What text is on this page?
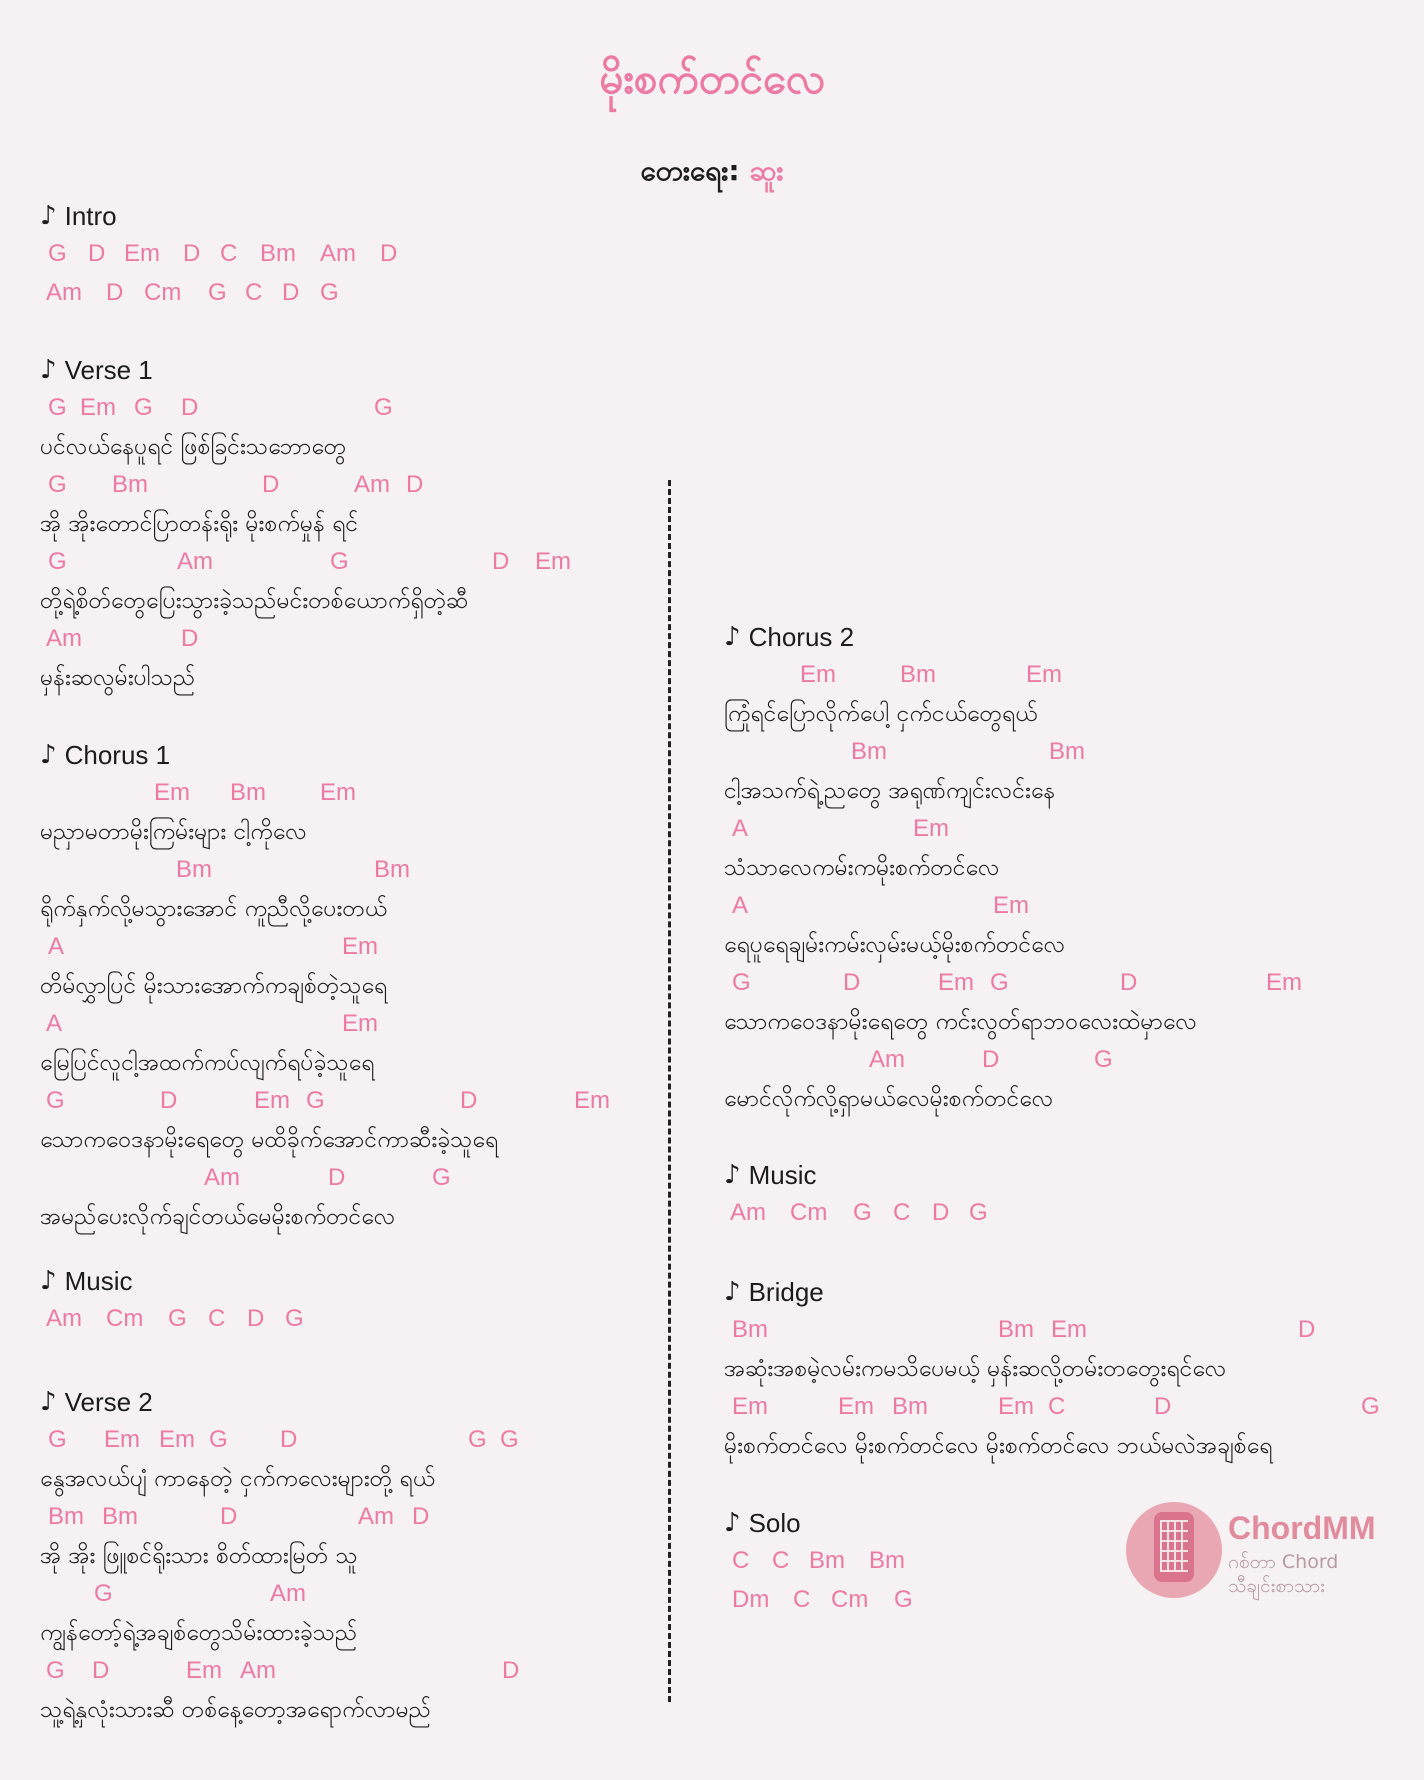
မိုးစက်တင်လေ
တေးရေး: ဆူး
♪ Intro
G D Em D C Bm Am D
Am D Cm G C D G
♪ Verse 1
G Em G D	G
ပင်လယ်နေပူရင် ဖြစ်ခြင်းသဘောတွေ
G Bm	D	Am D
အို အိုးတောင်ပြာတန်းရိုး မိုးစက်မှုန် ရင်
G	Am	G	D Em
တို့ရဲ့စိတ်တွေပြေးသွားခဲ့သည်မင်းတစ်ယောက်ရှိတဲ့ဆီ
Am	D
မှန်းဆလွမ်းပါသည်
♪ Chorus 1
Em Bm Em
မညှာမတာမိုးကြမ်းများ ငါ့ကိုလေ
Bm	Bm
ရိုက်နှက်လို့မသွားအောင် ကူညီလို့ပေးတယ်
A	Em
တိမ်လွှာပြင် မိုးသားအောက်ကချစ်တဲ့သူရေ
A	Em
မြေပြင်လူငါ့အထက်ကပ်လျက်ရပ်ခဲ့သူရေ
G	D	Em G	D	Em
သောကဝေဒနာမိုးရေတွေ မထိခိုက်အောင်ကာဆီးခဲ့သူရေ
Am	D	G
အမည်ပေးလိုက်ချင်တယ်မေမိုးစက်တင်လေ
♪ Music
Am Cm G C D G
♪ Verse 2
G Em Em G D	G G
နွေအလယ်ပျံ ကာနေတဲ့ ငှက်ကလေးများတို့ ရယ်
Bm Bm	D	Am D
အို အိုး ဖြူစင်ရိုးသား စိတ်ထားမြတ် သူ
G	Am
ကျွန်တော့်ရဲ့အချစ်တွေသိမ်းထားခဲ့သည်
G D	Em Am	D
သူ့ရဲ့နှလုံးသားဆီ တစ်နေ့တော့အရောက်လာမည်
♪ Chorus 2
Em	Bm	Em
ကြုံရင်ပြောလိုက်ပေါ့ ငှက်ငယ်တွေရယ်
Bm	Bm
ငါ့အသက်ရဲ့ညတွေ အရုဏ်ကျင်းလင်းနေ
A	Em
သံသာလေကမ်းကမိုးစက်တင်လေ
A	Em
ရေပူရေချမ်းကမ်းလှမ်းမယ့်မိုးစက်တင်လေ
G	D	Em G	D	Em
သောကဝေဒနာမိုးရေတွေ ကင်းလွတ်ရာဘဝလေးထဲမှာလေ
Am	D	G
မောင်လိုက်လို့ရှာမယ်လေမိုးစက်တင်လေ
♪ Music
Am Cm G C D G
♪ Bridge
Bm	Bm Em	D
အဆုံးအစမဲ့လမ်းကမသိပေမယ့် မှန်းဆလို့တမ်းတတွေးရင်လေ
Em	Em Bm	Em C	D	G
မိုးစက်တင်လေ မိုးစက်တင်လေ မိုးစက်တင်လေ ဘယ်မလဲအချစ်ရေ
♪ Solo
C C Bm Bm
Dm C Cm G
ChordMM
ဂစ်တာ Chord
သီချင်းစာသား
